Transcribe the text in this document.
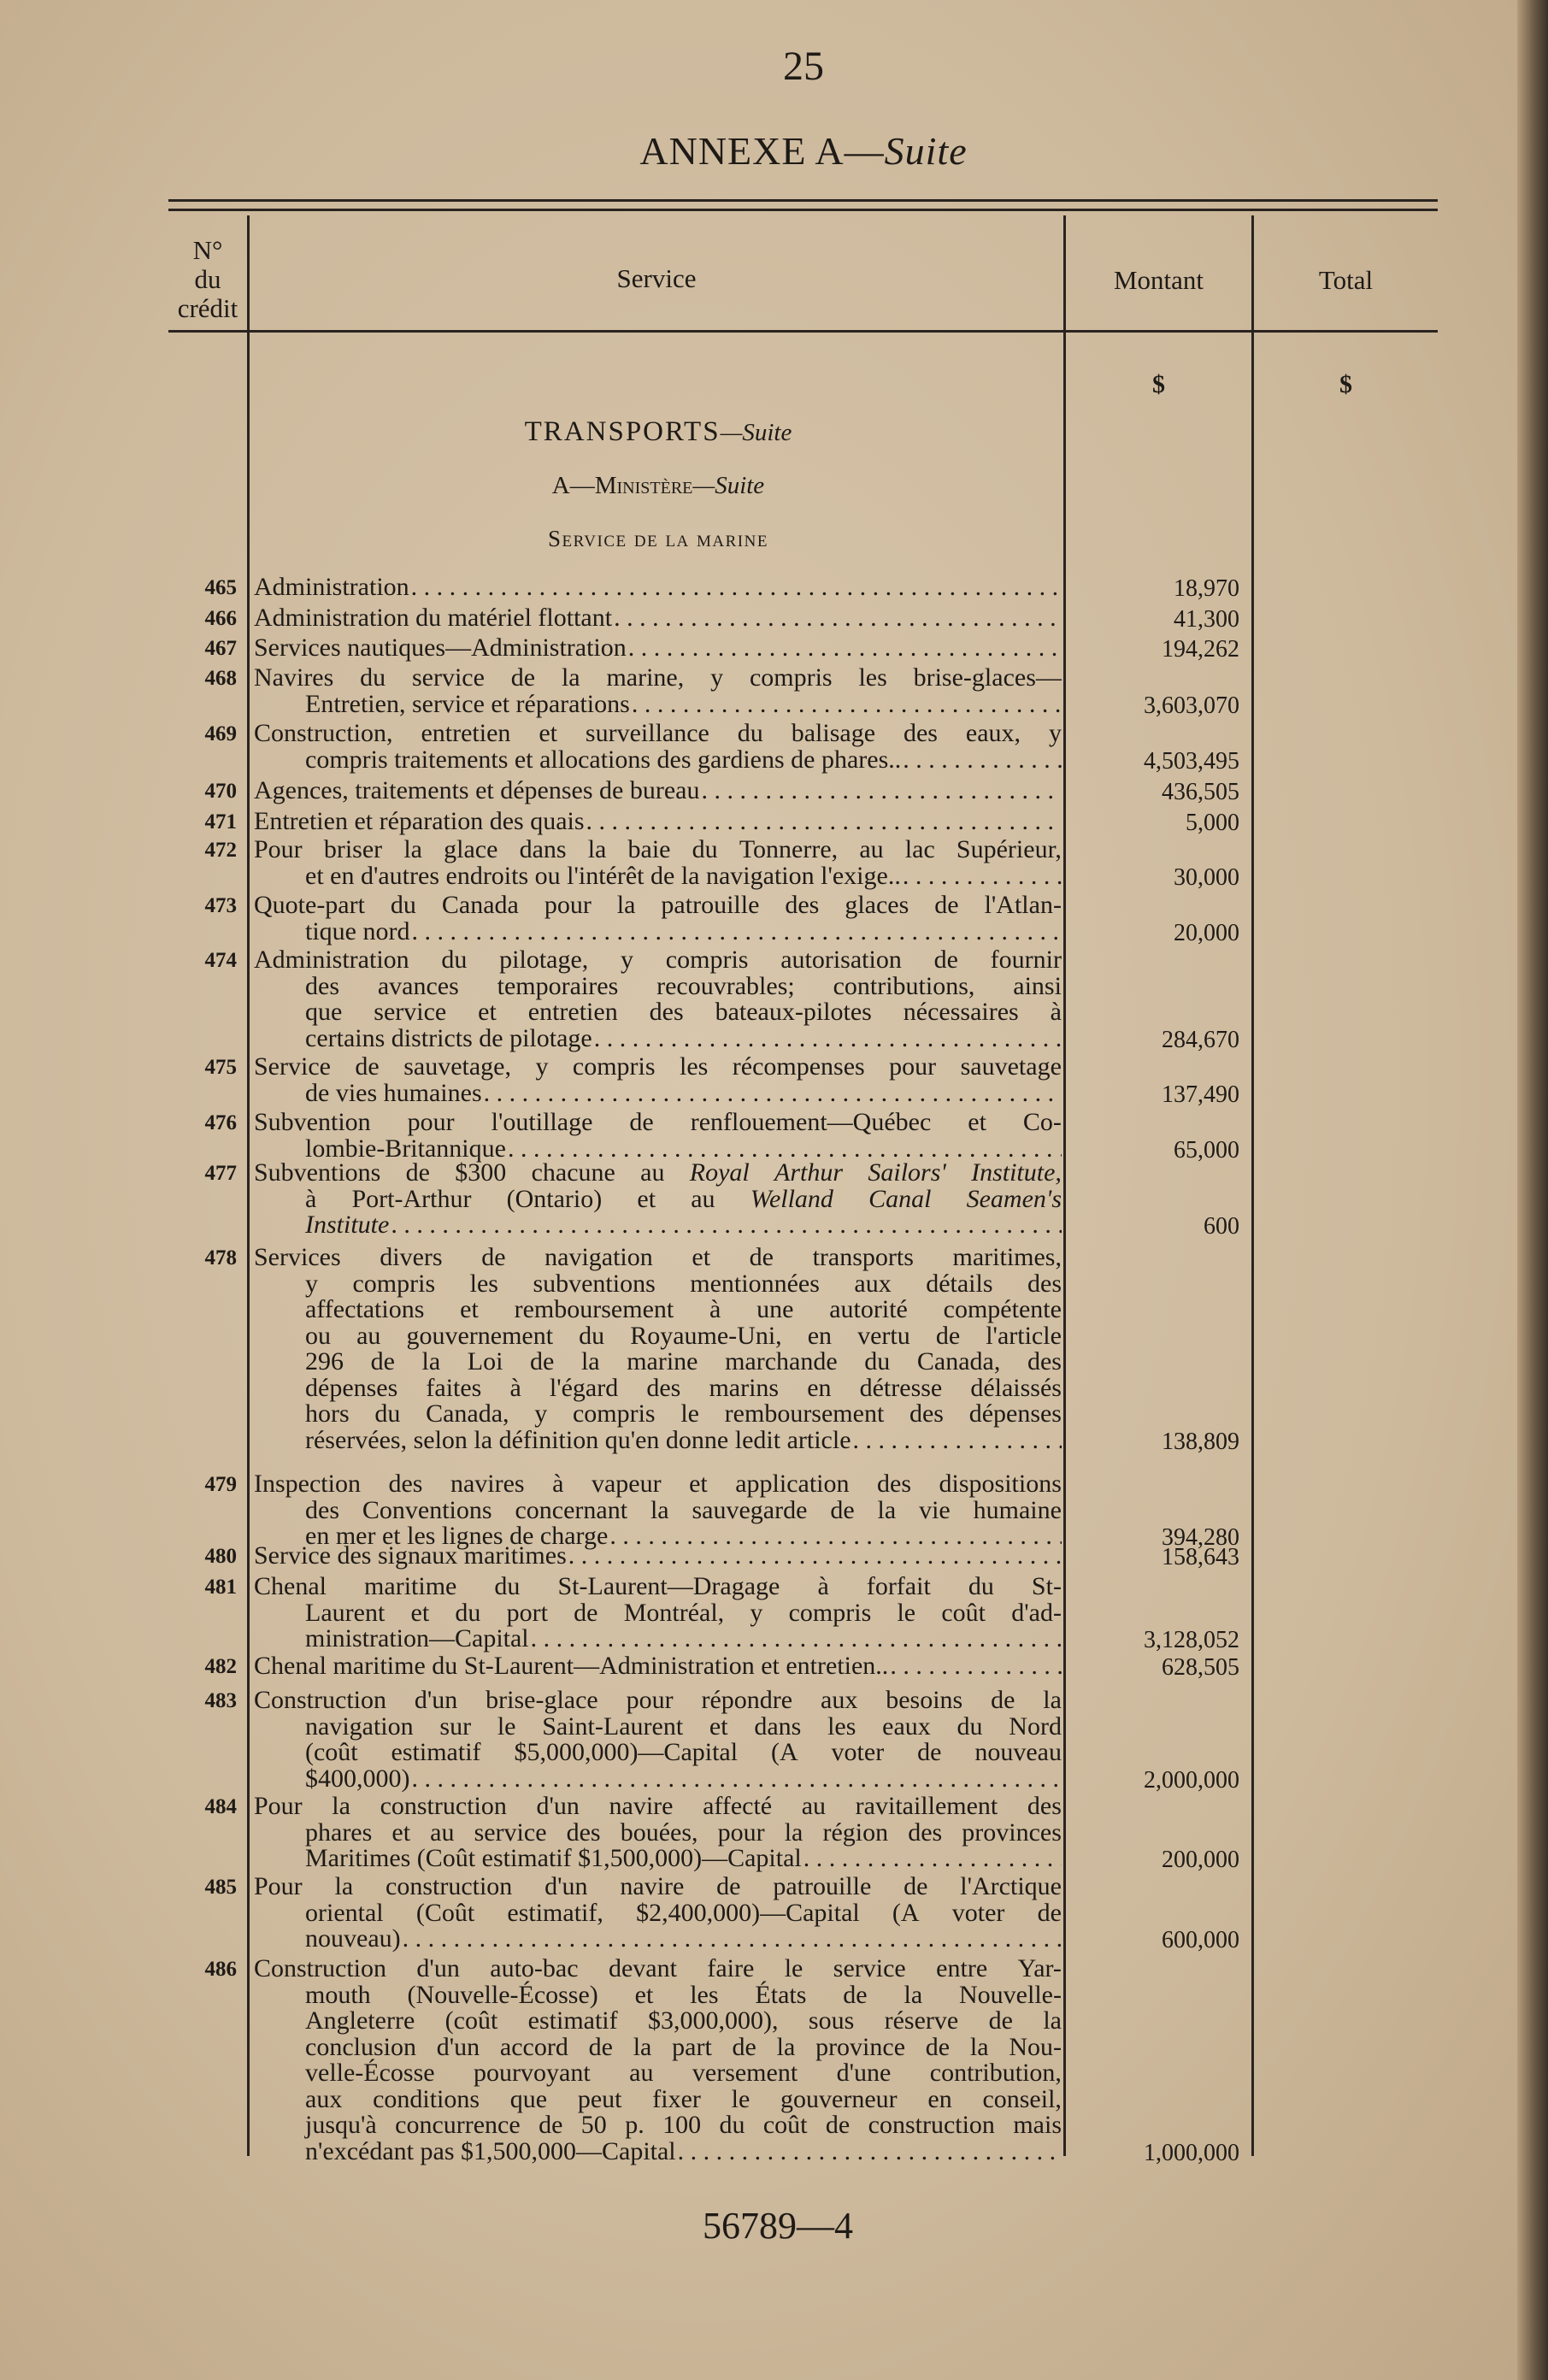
25
ANNEXE A—Suite
N°
du
crédit
Service	Montant	Total
$	$
TRANSPORTS—Suite
A—Ministère—Suite
Service de la marine
465 Administration . . .	18,970
466 Administration du matériel flottant . . .	41,300
467 Services nautiques—Administration . . .	194,262
468 Navires du service de la marine, y compris les brise-glaces—
Entretien, service et réparations . . .	3,603,070
469 Construction, entretien et surveillance du balisage des eaux, y
compris traitements et allocations des gardiens de phares.. . . .	4,503,495
470 Agences, traitements et dépenses de bureau . . .	436,505
471 Entretien et réparation des quais . . .	5,000
472 Pour briser la glace dans la baie du Tonnerre, au lac Supérieur,
et en d'autres endroits ou l'intérêt de la navigation l'exige.. . . .	30,000
473 Quote-part du Canada pour la patrouille des glaces de l'Atlan-
tique nord . . .	20,000
474 Administration du pilotage, y compris autorisation de fournir
des avances temporaires recouvrables; contributions, ainsi
que service et entretien des bateaux-pilotes nécessaires à
certains districts de pilotage . . .	284,670
475 Service de sauvetage, y compris les récompenses pour sauvetage
de vies humaines . . .	137,490
476 Subvention pour l'outillage de renflouement—Québec et Co-
lombie-Britannique . . .	65,000
477 Subventions de $300 chacune au Royal Arthur Sailors' Institute,
à Port-Arthur (Ontario) et au Welland Canal Seamen's
Institute . . .	600
478 Services divers de navigation et de transports maritimes,
y compris les subventions mentionnées aux détails des
affectations et remboursement à une autorité compétente
ou au gouvernement du Royaume-Uni, en vertu de l'article
296 de la Loi de la marine marchande du Canada, des
dépenses faites à l'égard des marins en détresse délaissés
hors du Canada, y compris le remboursement des dépenses
réservées, selon la définition qu'en donne ledit article . . .	138,809
479 Inspection des navires à vapeur et application des dispositions
des Conventions concernant la sauvegarde de la vie humaine
en mer et les lignes de charge . . .	394,280
480 Service des signaux maritimes . . .	158,643
481 Chenal maritime du St-Laurent—Dragage à forfait du St-
Laurent et du port de Montréal, y compris le coût d'ad-
ministration—Capital . . .	3,128,052
482 Chenal maritime du St-Laurent—Administration et entretien.. . . .	628,505
483 Construction d'un brise-glace pour répondre aux besoins de la
navigation sur le Saint-Laurent et dans les eaux du Nord
(coût estimatif $5,000,000)—Capital (A voter de nouveau
$400,000) . . .	2,000,000
484 Pour la construction d'un navire affecté au ravitaillement des
phares et au service des bouées, pour la région des provinces
Maritimes (Coût estimatif $1,500,000)—Capital . . .	200,000
485 Pour la construction d'un navire de patrouille de l'Arctique
oriental (Coût estimatif, $2,400,000)—Capital (A voter de
nouveau) . . .	600,000
486 Construction d'un auto-bac devant faire le service entre Yar-
mouth (Nouvelle-Écosse) et les États de la Nouvelle-
Angleterre (coût estimatif $3,000,000), sous réserve de la
conclusion d'un accord de la part de la province de la Nou-
velle-Écosse pourvoyant au versement d'une contribution,
aux conditions que peut fixer le gouverneur en conseil,
jusqu'à concurrence de 50 p. 100 du coût de construction mais
n'excédant pas $1,500,000—Capital . . .	1,000,000
56789—4
